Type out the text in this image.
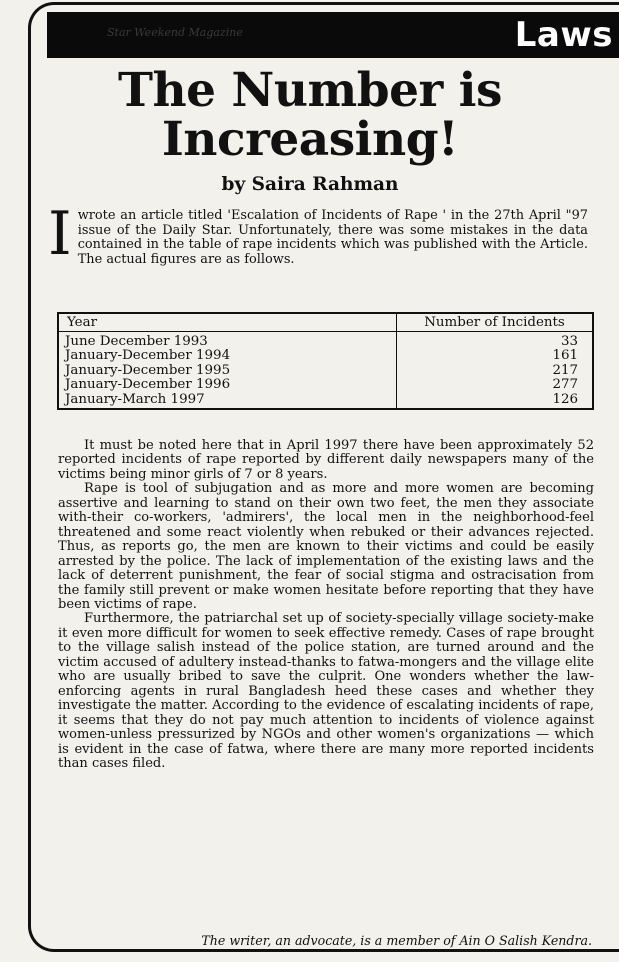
Star Weekend Magazine	Laws
The Number is
Increasing!
by Saira Rahman
I wrote an article titled 'Escalation of Incidents of Rape ' in the 27th April "97 issue of the Daily Star. Unfortunately, there was some mistakes in the data contained in the table of rape incidents which was published with the Article. The actual figures are as follows.
Year	Number of Incidents
June December 1993	33
January-December 1994	161
January-December 1995	217
January-December 1996	277
January-March 1997	126

It must be noted here that in April 1997 there have been approximately 52 reported incidents of rape reported by different daily newspapers many of the victims being minor girls of 7 or 8 years.

Rape is tool of subjugation and as more and more women are becoming assertive and learning to stand on their own two feet, the men they associate with-their co-workers, 'admirers', the local men in the neighborhood-feel threatened and some react violently when rebuked or their advances rejected. Thus, as reports go, the men are known to their victims and could be easily arrested by the police. The lack of implementation of the existing laws and the lack of deterrent punishment, the fear of social stigma and ostracisation from the family still prevent or make women hesitate before reporting that they have been victims of rape.

Furthermore, the patriarchal set up of society-specially village society-make it even more difficult for women to seek effective remedy. Cases of rape brought to the village salish instead of the police station, are turned around and the victim accused of adultery instead-thanks to fatwa-mongers and the village elite who are usually bribed to save the culprit. One wonders whether the law-enforcing agents in rural Bangladesh heed these cases and whether they investigate the matter. According to the evidence of escalating incidents of rape, it seems that they do not pay much attention to incidents of violence against women-unless pressurized by NGOs and other women's organizations — which is evident in the case of fatwa, where there are many more reported incidents than cases filed.

The writer, an advocate, is a member of Ain O Salish Kendra.
